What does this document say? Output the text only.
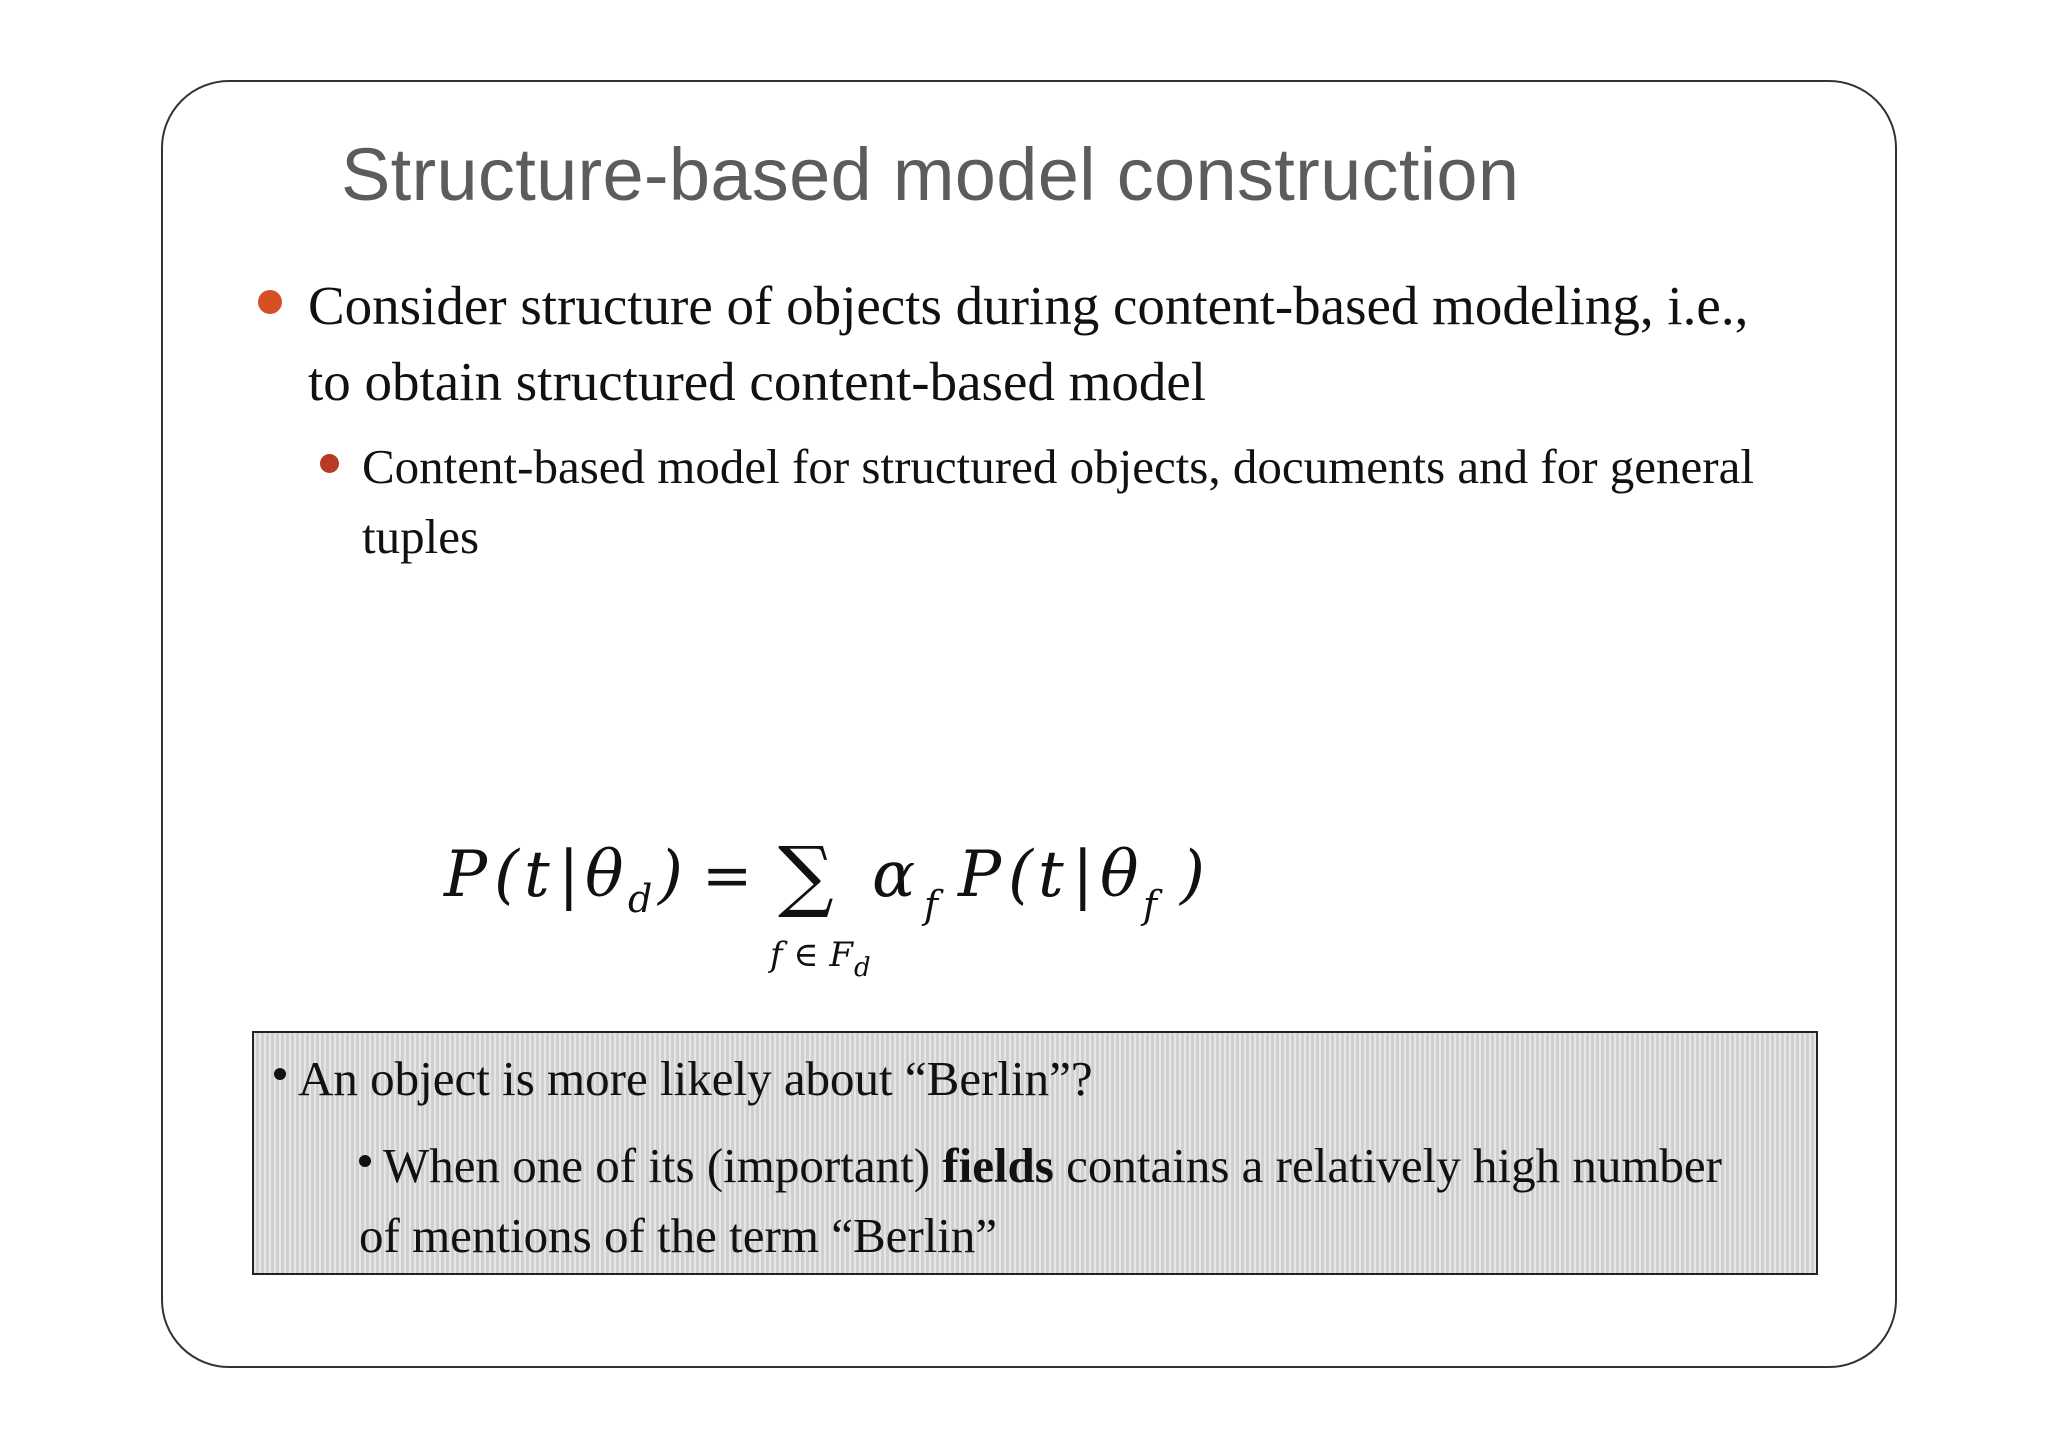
Structure-based model construction
Consider structure of objects during content-based modeling, i.e., to obtain structured content-based model
Content-based model for structured objects, documents and for general tuples
P ( t | θ d ) = ∑
f ∈ F d
α f P ( t | θ f )
An object is more likely about “Berlin”?
When one of its (important) fields contains a relatively high number of mentions of the term “Berlin”
